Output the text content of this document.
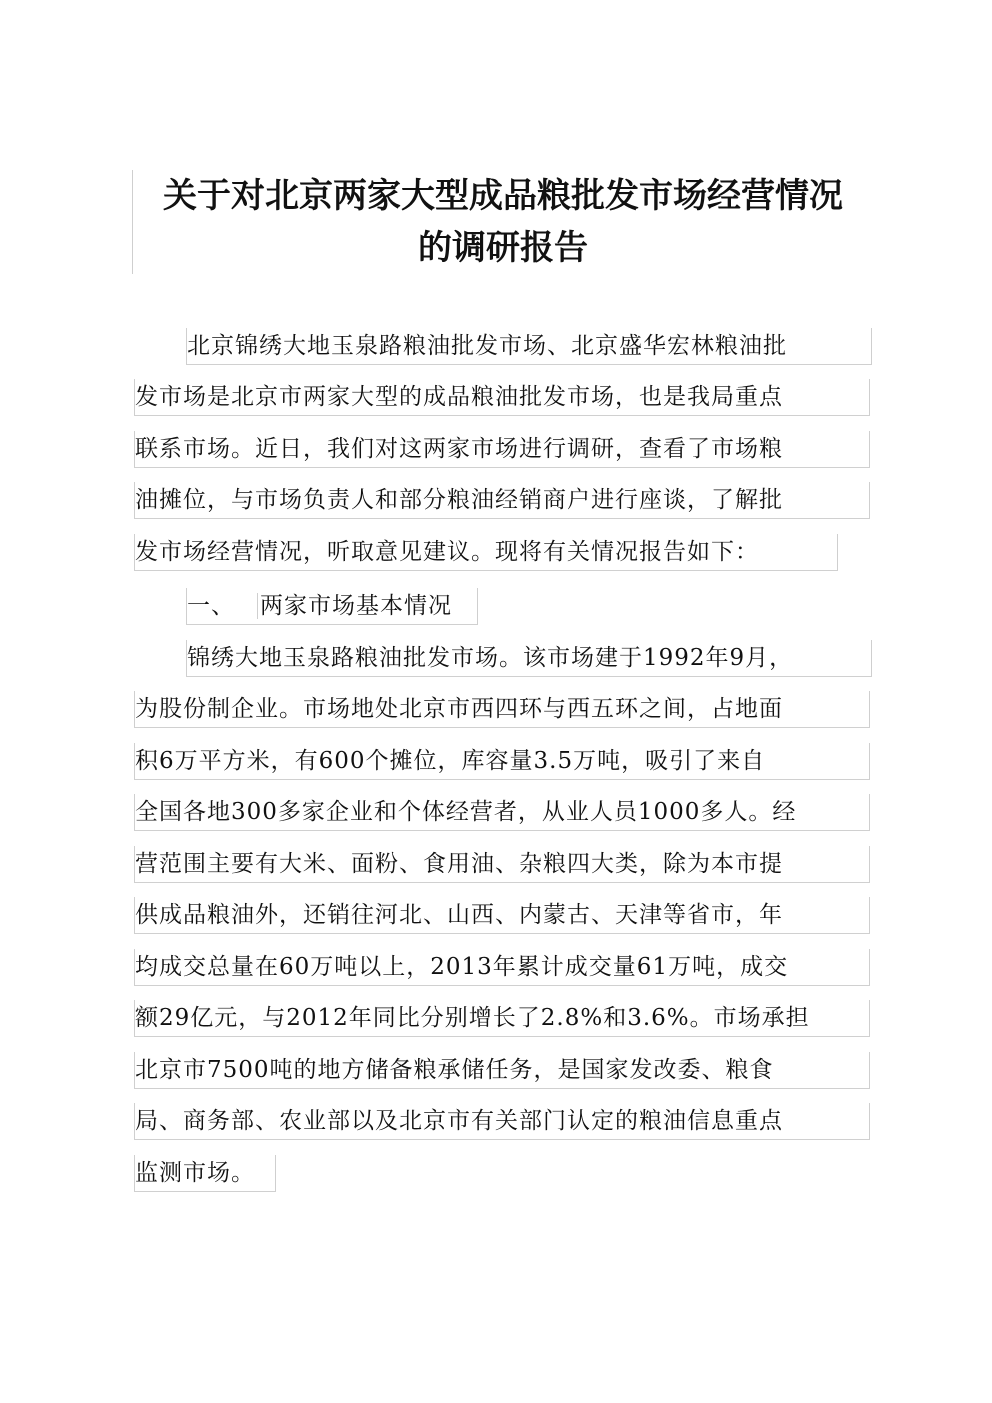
关于对北京两家大型成品粮批发市场经营情况
的调研报告
北京锦绣大地玉泉路粮油批发市场、北京盛华宏林粮油批
发市场是北京市两家大型的成品粮油批发市场，也是我局重点
联系市场。近日，我们对这两家市场进行调研，查看了市场粮
油摊位，与市场负责人和部分粮油经销商户进行座谈，了解批
发市场经营情况，听取意见建议。现将有关情况报告如下：
一、 两家市场基本情况
锦绣大地玉泉路粮油批发市场。该市场建于1992年9月，
为股份制企业。市场地处北京市西四环与西五环之间，占地面
积6万平方米，有600个摊位，库容量3.5万吨，吸引了来自
全国各地300多家企业和个体经营者，从业人员1000多人。经
营范围主要有大米、面粉、食用油、杂粮四大类，除为本市提
供成品粮油外，还销往河北、山西、内蒙古、天津等省市，年
均成交总量在60万吨以上，2013年累计成交量61万吨，成交
额29亿元，与2012年同比分别增长了2.8%和3.6%。市场承担
北京市7500吨的地方储备粮承储任务，是国家发改委、粮食
局、商务部、农业部以及北京市有关部门认定的粮油信息重点
监测市场。
